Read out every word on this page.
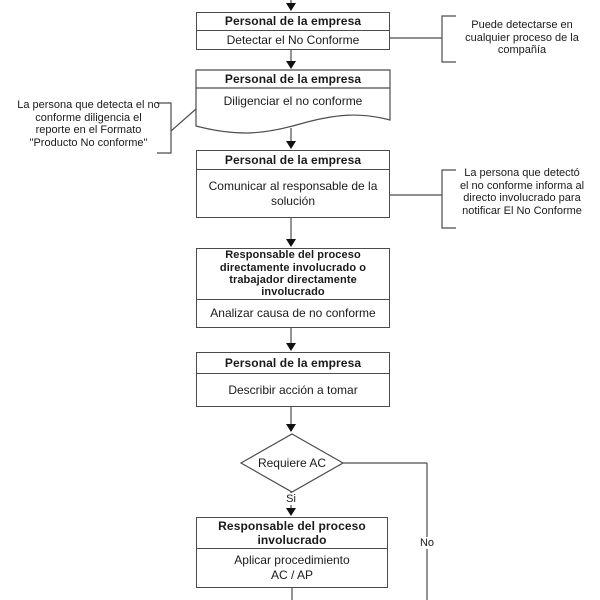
Personal de la empresa
Detectar el No Conforme
Personal de la empresa
Diligenciar el no conforme
Personal de la empresa
Comunicar al responsable de la
solución
Responsable del proceso
directamente involucrado o
trabajador directamente
involucrado
Analizar causa de no conforme
Personal de la empresa
Describir acción a tomar
Requiere AC
Si
No
Responsable del proceso
involucrado
Aplicar procedimiento
AC / AP
Puede detectarse en
cualquier proceso de la
compañía
La persona que detecta el no
conforme diligencia el
reporte en el Formato
"Producto No conforme"
La persona que detectó
el no conforme informa al
directo involucrado para
notificar El No Conforme
